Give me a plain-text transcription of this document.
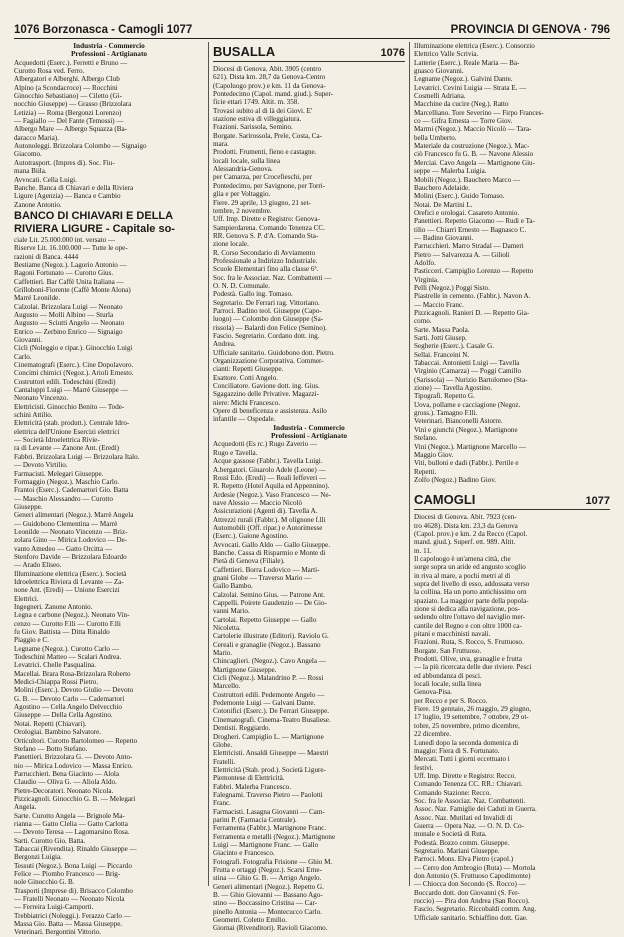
1076 Borzonasca - Camogli 1077	PROVINCIA DI GENOVA · 796
Industria - Commercio
Professioni - Artigianato
Acquedotti (Eserc.). Ferretti e Bruno —
Curotto Rosa ved. Ferro.
Albergatori e Alberghi. Albergo Club
Alpino (a Scondacroce) — Rocchini
Ginocchio Sebastiano) — Ciletto (Gi-
nocchio Giuseppe) — Grasso (Brizzolara
Letizia) — Roma (Bergonzi Lorenzo)
— Fagiallo — Del Fante (Temossi) —
Albergo Mare — Albergo Squazza (Ba-
daracco Maria).
Autonoleggi. Brizzolara Colombo — Signaigo
Giacomo.
Autotrasport. (Impres di). Soc. Fiu-
mana Biila.
Avvocati. Cella Luigi.
Banche. Banca di Chiavari e della Riviera
Ligure (Agenzia) — Banca e Cambio
Zanone Antonio.
BANCO DI CHIAVARI E DELLA
RIVIERA LIGURE - Capitale so-
ciale Lit. 25.000.000 int. versato —
Riserve Lit. 16.100.000 — Tutte le ope-
razioni di Banca. 4444
Bestiame (Negoz.). Lagorio Antonio —
Ragoni Fortunato — Curotto Gius.
Caffettieri. Bar Caffè Unita Italiana —
Grilloboni-Fiorente (Caffè Monte Alona)
Marré Leonilde.
Calzolai. Brizzolara Luigi — Neonato
Augusto — Molli Albino — Sturla
Augusto — Sciutti Angelo — Neonato
Enrico — Zerbino Enrico — Signaigo
Giovanni.
Cicli (Noleggio e ripar.). Ginocchio Luigi
Carlo.
Cinematografi (Eserc.). Cine Dopolavoro.
Concimi chimici (Negoz.). Arioli Ernesto.
Costruttori edili. Todeschini (Eredi)
Cantaluppi Luigi — Marrè Giuseppe —
Neonato Vincenzo.
Elettricisti. Ginocchio Benito — Tode-
schini Attilio.
Elettricità (stab. produtt.). Centrale Idro-
elettrica dell'Unione Esercizi elettrici
— Società Idroelettrica Rivie-
ra di Levante — Zanone Ant. (Eredi)
Fabbri. Brizzolara Luigi — Brizzolara Italo.
— Devoto Virtilio.
Farmacisti. Melegari Giuseppe.
Formaggio (Negoz.). Maschio Carlo.
Frantoi (Eserc.). Cademartori Gio. Batta
— Maschio Alessandro — Curotto
Giuseppe.
Generi alimentari (Negoz.). Marrè Angela
— Guidobono Clementina — Marrè
Leonilde — Neonato Vincenzo — Briz-
zolara Gino — Mirica Lodovico — De-
vanto Amedeo — Gatto Orcitta —
Stenforo Davide — Brizzolara Edoardo
— Arado Eliseo.
Illuminazione elettrica (Eserc.). Società
Idroelettrica Riviera di Levante — Za-
none Ant. (Eredi) — Unione Esercizi
Elettrici.
Ingegneri. Zanone Antonio.
Legna e carbone (Negoz.). Neonato Vin-
cenzo — Curotto F.lli — Curotto F.lli
fu Giov. Battista — Ditta Rinaldo
Piaggio e C.
Legname (Negoz.). Curotto Carlo —
Todeschini Matteo — Scalari Andrea.
Levatrici. Chelle Pasqualina.
Macellai. Brara Rosa-Brizzolara Roberto
Medici-Chiappa Rossi Pietro.
Molini (Eserc.). Devoto Giulio — Devoto
G. B. — Devoto Carlo — Cademartori
Agostino — Cella Angelo Delvecchio
Giuseppe — Della Cella Agostino.
Notai. Repetti (Chiavari).
Orologiai. Bambino Salvatore.
Orticultori. Curotto Bartolomeo — Repetto
Stefano — Botto Stefano.
Panettieri. Brizzolara G. — Devoto Anto-
nio — Mirica Lodovico — Massa Enrico.
Parrucchieri. Bena Giacinto — Alola
Claudio — Oliva G. — Aliola Aldo.
Pietre-Decoratori. Neonato Nicola.
Pizzicagnoli. Ginocchio G. B. — Melegari
Angela.
Sarte. Curotto Angela — Brignole Ma-
rianna — Gatto Clelia — Gatto Carlotta
— Devoto Teresa — Lagomarsino Rosa.
Sarti. Curotto Gio. Batta.
Tabaccai (Rivendita). Rinaldo Giuseppe —
Bergonzi Luigia.
Tessuti (Negoz.). Bona Luigi — Piccardo
Felice — Piombo Francesco — Brig-
nole Ginocchio G. B.
Trasporti (Imprese di). Brisacco Colombo
— Fratelli Neonato — Neonato Nicola
— Ferreira Luigi-Camporti.
Trebbiatrici (Noleggi.). Ferazzo Carlo —
Massa Gio. Batta — Massa Giuseppe.
Veterinari. Bergontini Vittorio.
BUSALLA	1076
Diocesi di Genova. Abit. 3905 (centro
621). Dista km. 28,7 da Genova-Centro
(Capoluogo prov.) e km. 11 da Genova-
Pontedecimo (Capol. mand. giud.). Super-
ficie ettari 1749. Altit. m. 358.
Trovasi subito al di là dei Giovi. E'
stazione estiva di villeggiatura.
Frazioni. Sarissola, Semino.
Borgate. Sarirossola, Prele, Costa, Ca-
mara.
Prodotti. Frumenti, fieno e castagne.
locali locale, sulla linea
Alessandria-Genova.
per Camarza, per Crocefieschi, per
Pontedecimo, per Savignone, per Torri-
glia e per Voltaggio.
Fiere. 29 aprile, 13 giugno, 21 set-
tembre, 2 novembre.
Uff. Imp. Dirette e Registro: Genova-
Sampierdarena. Comando Tenenza CC.
RR. Genova S. P. d'A. Comando Sta-
zione locale.
R. Corso Secondario di Avviamento
Professionale a Indirizzo Industriale.
Scuole Elementari fino alla classe 6ª.
Soc. fra le Associaz. Naz. Combattenti —
O. N. D. Comunale.
Podestà. Gallo ing. Tomaso.
Segretario. De Ferrari rag. Vittoriano.
Parroci. Badino teol. Giuseppe (Capo-
luogo) — Colombo don Giuseppe (Sa-
rissola) — Balardi don Felice (Semino).
Fascio. Segretario. Cordano dott. ing.
Andrea.
Ufficiale sanitario. Guidobono dott. Pietro.
Organizzazione Corporativa. Commer-
cianti: Repetti Giuseppe.
Esattore. Cotti Angelo.
Conciliatore. Gavione dott. ing. Gius.
Sgagazzino delle Privative. Magazzi-
niere: Michi Francesco.
Opere di beneficenza e assistenza. Asilo
infantile — Ospedale.
Industria - Commercio
Professioni - Artigianato
Acquedotti (Es rc.) Rugo Zaverio —
Rugo e Tavella.
Acque gassose (Fabbr.). Tavella Luigi.
A.bergatori. Giuarolo Adele (Leone) —
Rossi Edo. (Eredi) — Reali Ieffeveri —
R. Repetto (Hotel Aquila ed Appennino).
Ardesie (Negoz.). Vaso Francesco — Ne-
nave Alessio — Maccio Nicolò
Assicurazioni (Agenti di). Tavella A.
Attrezzi rurali (Fabbr.). M olignone f.lli
Automobili (Off. ripar.) e Autorimesse
(Eserc.). Gaione Agostino.
Avvocati. Gallo Aldo — Gallo Giuseppe.
Banche. Cassa di Risparmio e Monte di
Pietà di Genova (Filiale).
Caffettieri. Borra Lodovico — Marti-
gnani Globe — Traverso Mario —
Gallo Bambo.
Calzolai. Semino Gius. — Patrone Ant.
Cappelli. Poirete Gaudenzio — De Gio-
vanni Mario.
Cartolai. Repetto Giuseppe — Gallo
Nicoletta.
Cartolerie illustrate (Editori). Raviolo G.
Cereali e granaglie (Negoz.). Bassano
Mario.
Chincaglieri. (Negoz.). Cavo Angela —
Martignone Giuseppe.
Cicli (Negoz.). Malandrino P. — Rossi
Marcello.
Costruttori edili. Pedemonte Angelo —
Pedemonte Luigi — Galvani Dante.
Cotonifici (Eserc.). De Ferrari Giuseppe.
Cinematografi. Cinema-Teatro Busaliese.
Dentisti. Reggiardo.
Drogheri. Campiglio L. — Martignone
Globe.
Elettricisti. Ansaldi Giuseppe — Maestri
Fratelli.
Elettricità (Stab. prod.). Società Ligure-
Piemontese di Elettricità.
Fabbri. Malerba Francesco.
Falegnami. Traverso Pietro — Paolotti
Franc.
Farmacisti. Lasagna Giovanni — Cam-
parini P. (Farmacia Centrale).
Ferramenta (Fabbr.). Martignone Franc.
Ferramenta e metalli (Negoz.). Martignone
Luigi — Martignone Franc. — Gallo
Giacinto e Francesco.
Fotografi. Fotografia Frisione — Ghio M.
Frutta e ortaggi (Negoz.). Scarsi Erne-
stina — Ghio G. B. — Arrigo Angelo.
Generi alimentari (Negoz.). Repetto G.
B. — Ghio Giovanni — Bassano Ago-
stino — Boccassino Cristina — Car-
pinello Antonia — Montecucco Carlo.
Geometri. Coletto Emilio.
Giornai (Rivenditori). Ravioli Giacomo.
Illuminazione elettrica (Eserc.). Consorzio
Elettrico Valle Scrivia.
Latterie (Eserc.). Reale Maria — Ba-
gnasco Giovanni.
Legname (Negoz.). Galvini Dante.
Levatrici. Cevini Luigia — Strata E. —
Cosmelli Adriana.
Macchine da cucire (Neg.). Ratto
Marcelliano. Tore Severino — Firpo Frances-
co — Gifra Ernesta — Torre Giov.
Marmi (Negoz.). Maccio Nicolò — Tara-
bella Umberto.
Materiale da costruzione (Negoz.). Mac-
ciò Francesco fu G. B. — Navone Alessio
Merciai. Cavo Angela — Martignone Giu-
seppe — Malerba Luigia.
Mobili (Negoz.). Bauchero Marco —
Bauchero Adelaide.
Molini (Eserc.). Guido Tomaso.
Notai. De Martini L.
Orefici e orologai. Casareto Antonio.
Panettieri. Repetto Giacomo — Rudi e Ta-
tilio — Chiarri Ernesto — Bagnasco C.
— Badino Giovanni.
Parrucchieri. Marro Stradal — Dameri
Pietro — Salvarezza A. — Gilioli
Adolfo.
Pasticceri. Campiglio Lorenzo — Repetto
Virginia.
Pelli (Negoz.) Poggi Sisto.
Piastrelle in cemento. (Fabbr.). Navon A.
— Maccio Franc.
Pizzicagnoli. Ranieri D. — Repetto Gia-
como.
Sarte. Massa Paola.
Sarti. Jotti Giusep.
Segherie (Eserc.). Casale G.
Sellai. Franceini N.
Tabaccai. Antonietti Luigi — Tavella
Virginio (Camarza) — Poggi Camillo
(Sarissola) — Nurizio Bartolomeo (Sta-
zione) — Tavella Agostino.
Tipografi. Repetto G.
Uova, pollame e cacciagione (Negoz.
gross.). Tamagno F.lli.
Veterinari. Bianconelli Astorre.
Vini e giunchi (Negoz.). Martignone
Stefano.
Vini (Negoz.). Martignone Marcello —
Maggio Giov.
Viti, bulloni e dadi (Fabbr.). Pertile e
Repetti.
Zolfo (Negoz.) Badino Giov.
CAMOGLI	1077
Diocesi di Genova. Abit. 7923 (cen-
tro 4628). Dista km. 23,3 da Genova
(Capol. prov.) e km. 2 da Recco (Capol.
mand. giud.). Superf. ett. 989. Altit.
m. 11.
Il capoluogo è un'amena città, che
sorge sopra un aride ed angusto scoglio
in riva al mare, a pochi metri al di
sopra del livello di esso, addossata verso
la collina. Ha un porto antichissimo orn
spaziato. La maggior parte della popola-
zione si dedica alla navigazione, pos-
sedendo oltre l'ottavo del naviglio mer-
cantile del Regno e con oltre 1000 ca-
pitani e macchinisti navali.
Frazioni. Ruta, S. Rocco, S. Fruttuoso.
Borgate. San Fruttuoso.
Prodotti. Olive, uva, granaglie e frutta
— la più ricercata delle due riviere. Pesci
ed abbondanza di pesci.
locali locale, sulla linea
Genova-Pisa.
per Recco e per S. Rocco.
Fiere. 19 gennaio, 26 maggio, 29 giugno,
17 luglio, 19 settembre, 7 ottobre, 29 ot-
tobre, 25 novembre, primo dicembre,
22 dicembre.
Lunedì dopo la seconda domenica di
maggio: Fiera di S. Fortunato.
Mercati. Tutti i giorni eccettuato i
festivi.
Uff. Imp. Dirette e Registro: Recco.
Comando Tenenza CC. RR.: Chiavari.
Comando Stazione: Recco.
Soc. fra le Associaz. Naz. Combattenti.
Assoc. Naz. Famiglie dei Caduti in Guerra.
Assoc. Naz. Mutilati ed Invalidi di
Guerra — Opera Naz. — O. N. D. Co-
munale e Società di Ruta.
Podestà. Bozzo comm. Giuseppe.
Segretario. Mariani Giuseppe.
Parroci. Mons. Elva Pietro (capol.)
— Cerro don Ambrogio (Ruta) — Mortola
don Antonio (S. Fruttuoso Capodimonte)
— Chiocca don Secondo (S. Rocco) —
Boccardo dott. don Giovanni (S. Fer-
ruccio) — Pira don Andrea (San Rocco).
Fascio. Segretario. Riccobaldi comm. Ang.
Ufficiale sanitario. Schiaffino dott. Gae.
